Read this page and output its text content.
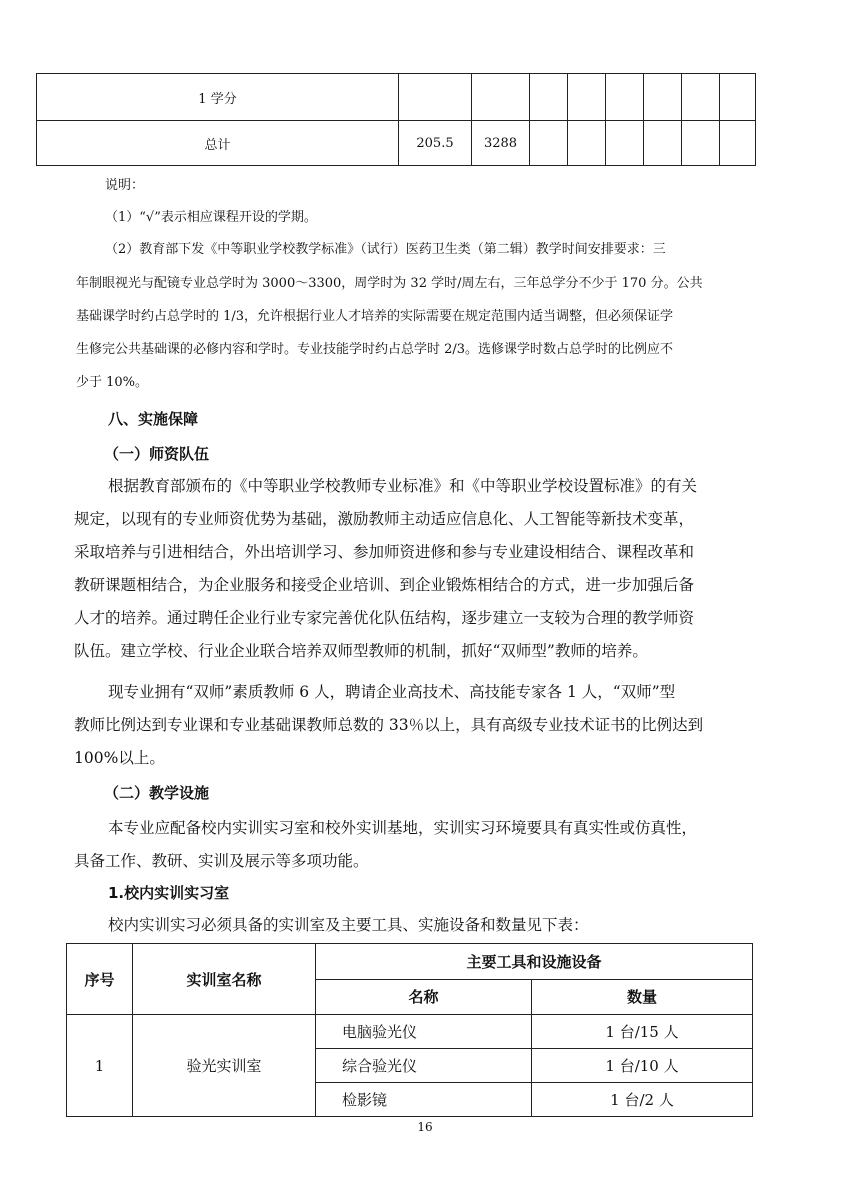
1 学分								
总计	205.5	3288						
说明：
（1）“√”表示相应课程开设的学期。
（2）教育部下发《中等职业学校教学标准》（试行）医药卫生类（第二辑）教学时间安排要求：三
年制眼视光与配镜专业总学时为 3000～3300，周学时为 32 学时/周左右，三年总学分不少于 170 分。公共
基础课学时约占总学时的 1/3，允许根据行业人才培养的实际需要在规定范围内适当调整，但必须保证学
生修完公共基础课的必修内容和学时。专业技能学时约占总学时 2/3。选修课学时数占总学时的比例应不
少于 10%。
八、实施保障
（一）师资队伍
根据教育部颁布的《中等职业学校教师专业标准》和《中等职业学校设置标准》的有关
规定，以现有的专业师资优势为基础，激励教师主动适应信息化、人工智能等新技术变革，
采取培养与引进相结合，外出培训学习、参加师资进修和参与专业建设相结合、课程改革和
教研课题相结合，为企业服务和接受企业培训、到企业锻炼相结合的方式，进一步加强后备
人才的培养。通过聘任企业行业专家完善优化队伍结构，逐步建立一支较为合理的教学师资
队伍。建立学校、行业企业联合培养双师型教师的机制，抓好“双师型”教师的培养。
现专业拥有“双师”素质教师 6 人，聘请企业高技术、高技能专家各 1 人，“双师”型
教师比例达到专业课和专业基础课教师总数的 33％以上，具有高级专业技术证书的比例达到
100%以上。
（二）教学设施
本专业应配备校内实训实习室和校外实训基地，实训实习环境要具有真实性或仿真性，
具备工作、教研、实训及展示等多项功能。
1.校内实训实习室
校内实训实习必须具备的实训室及主要工具、实施设备和数量见下表：
序号	实训室名称	主要工具和设施设备	
		名称	数量
1	验光实训室	电脑验光仪	1 台/15 人
		综合验光仪	1 台/10 人
		检影镜	1 台/2 人
16
